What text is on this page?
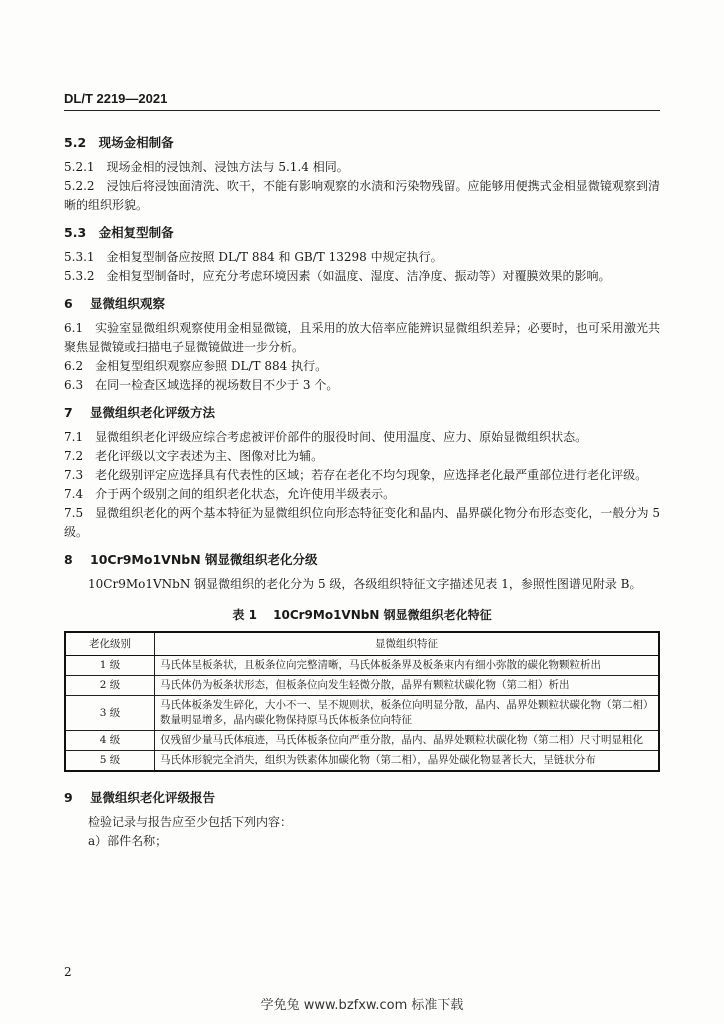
DL/T 2219—2021
5.2　现场金相制备
5.2.1　现场金相的浸蚀剂、浸蚀方法与 5.1.4 相同。
5.2.2　浸蚀后将浸蚀面清洗、吹干，不能有影响观察的水渍和污染物残留。应能够用便携式金相显微镜观察到清晰的组织形貌。
5.3　金相复型制备
5.3.1　金相复型制备应按照 DL/T 884 和 GB/T 13298 中规定执行。
5.3.2　金相复型制备时，应充分考虑环境因素（如温度、湿度、洁净度、振动等）对覆膜效果的影响。
6　显微组织观察
6.1　实验室显微组织观察使用金相显微镜，且采用的放大倍率应能辨识显微组织差异；必要时，也可采用激光共聚焦显微镜或扫描电子显微镜做进一步分析。
6.2　金相复型组织观察应参照 DL/T 884 执行。
6.3　在同一检查区域选择的视场数目不少于 3 个。
7　显微组织老化评级方法
7.1　显微组织老化评级应综合考虑被评价部件的服役时间、使用温度、应力、原始显微组织状态。
7.2　老化评级以文字表述为主、图像对比为辅。
7.3　老化级别评定应选择具有代表性的区域；若存在老化不均匀现象，应选择老化最严重部位进行老化评级。
7.4　介于两个级别之间的组织老化状态，允许使用半级表示。
7.5　显微组织老化的两个基本特征为显微组织位向形态特征变化和晶内、晶界碳化物分布形态变化，一般分为 5 级。
8　10Cr9Mo1VNbN 钢显微组织老化分级
10Cr9Mo1VNbN 钢显微组织的老化分为 5 级，各级组织特征文字描述见表 1，参照性图谱见附录 B。
表 1　 10Cr9Mo1VNbN 钢显微组织老化特征
老化级别	显微组织特征
1 级	马氏体呈板条状，且板条位向完整清晰，马氏体板条界及板条束内有细小弥散的碳化物颗粒析出
2 级	马氏体仍为板条状形态，但板条位向发生轻微分散，晶界有颗粒状碳化物（第二相）析出
3 级	马氏体板条发生碎化，大小不一、呈不规则状，板条位向明显分散，晶内、晶界处颗粒状碳化物（第二相）数量明显增多，晶内碳化物保持原马氏体板条位向特征
4 级	仅残留少量马氏体痕迹，马氏体板条位向严重分散，晶内、晶界处颗粒状碳化物（第二相）尺寸明显粗化
5 级	马氏体形貌完全消失，组织为铁素体加碳化物（第二相），晶界处碳化物显著长大，呈链状分布
9　显微组织老化评级报告
检验记录与报告应至少包括下列内容：
a）部件名称；
2
学免兔 www.bzfxw.com 标准下载
